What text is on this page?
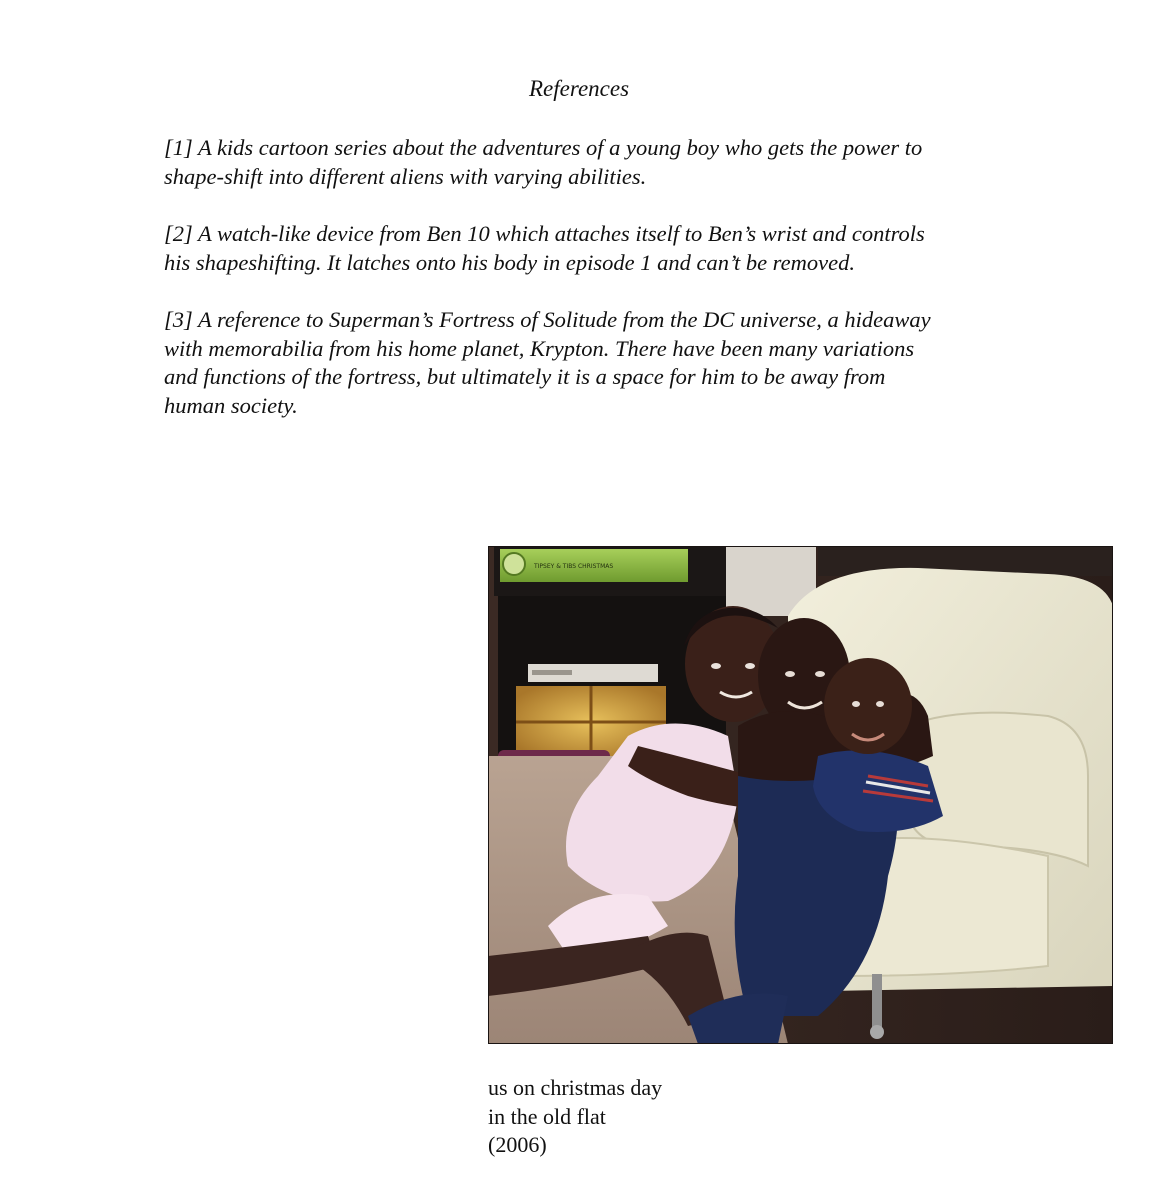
References
[1] A kids cartoon series about the adventures of a young boy who gets the power to
shape-shift into different aliens with varying abilities.
[2] A watch-like device from Ben 10 which attaches itself to Ben’s wrist and controls
his shapeshifting. It latches onto his body in episode 1 and can’t be removed.
[3] A reference to Superman’s Fortress of Solitude from the DC universe, a hideaway
with memorabilia from his home planet, Krypton. There have been many variations
and functions of the fortress, but ultimately it is a space for him to be away from
human society.
TIPSEY & TIBS CHRISTMAS
us on christmas day
in the old flat
(2006)
